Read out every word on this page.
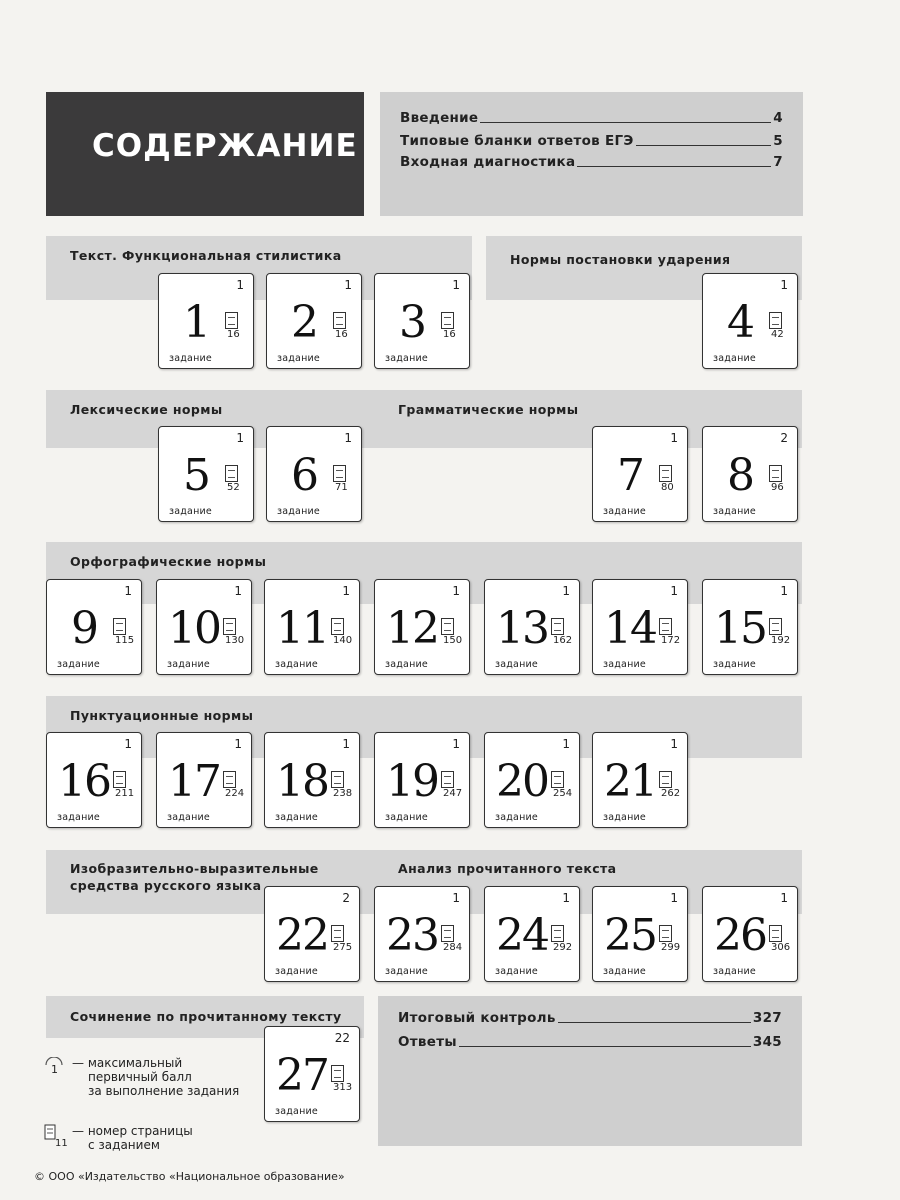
СОДЕРЖАНИЕ
Введение	4
Типовые бланки ответов ЕГЭ	5
Входная диагностика	7
Итоговый контроль	327
Ответы	345
Текст. Функциональная стилистика	Нормы постановки ударения
Лексические нормы	Грамматические нормы
Орфографические нормы
Пунктуационные нормы
Изобразительно-выразительные
средства русского языка
Анализ прочитанного текста
Сочинение по прочитанному тексту
1
1	16
задание
1
2	16
задание
1
3	16
задание
1
4	42
задание
1
5	52
задание
1
6	71
задание
1
7	80
задание
2
8	96
задание
1
9	115
задание
1
10 130
задание
1
11 140
задание
1
12 150
задание
1
13 162
задание
1
14 172
задание
1
15 192
задание
1
16 211
задание
1
17 224
задание
1
18 238
задание
1
19 247
задание
1
20 254
задание
1
21 262
задание
2
22 275
задание
1
23 284
задание
1
24 292
задание
1
25 299
задание
1
26 306
задание
22
27 313
задание
1 — максимальный
первичный балл
за выполнение задания
11
— номер страницы
с заданием
© ООО «Издательство «Национальное образование»
